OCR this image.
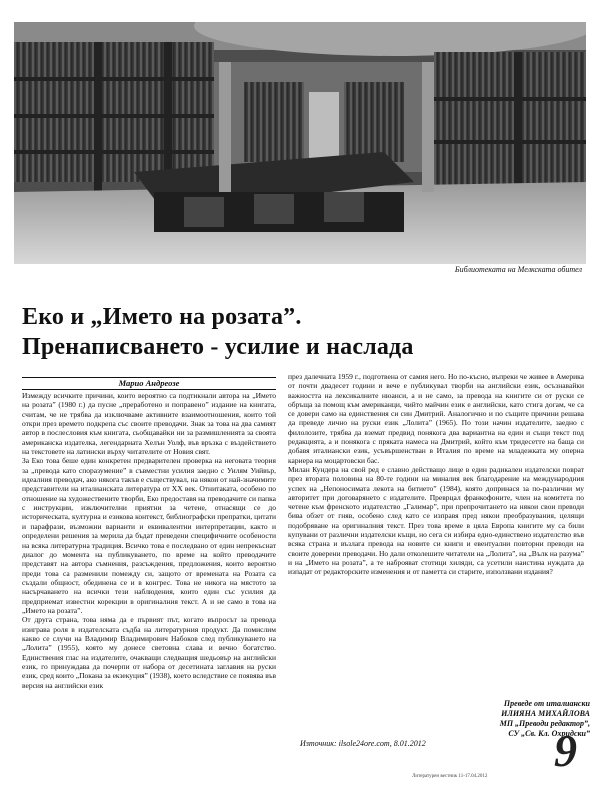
Библиотеката на Мелкската обител
Еко и „Името на розата”.
Пренаписването - усилие и наслада
Марио Андреозе

Измежду всичките причини, които вероятно са подтикнали автора на „Името на розата” (1980 г.) да пусне „преработено и поправено” издание на книгата, считам, че не трябва да изключваме активните взаимоотношения, които той откри през времето подкрепа със своите преводачи. Знак за това на два самият автор в послесловия към книгата, сьобщавайки ни за размишленията за своята американска издателка, легендарната Хелън Уолф, във връзка с въздействието на текстовете на латински върху читателите от Новия свят.

За Еко това беше един конкретен предварителен проверка на неговата теория за „превода като споразумение” в съвместни усилия заедно с Уилям Уийвър, идеалния преводач, ако някога такъв е съществувал, на някои от най-значимите представители на италианската литература от XX век. Отнитаката, особено по отношение на художествените творби, Еко предоставя на преводачите си папка с инструкции, изключителни приятни за четене, отнасящи се до историческата, културна и езикова контекст, библиографски препратки, цитати и парафрази, възможни варианти и еквивалентни интерпретации, както и определени решения за мерила да бъдат преведени специфичните особености на всяка литературна традиция. Всичко това е последвано от един непрекъснат диалог до момента на публикуването, по време на който преводачите представят на автора съмнения, разсъждения, предложения, които вероятно преди това са разменили помежду си, защото от времената на Розата са създали общност, обединена се и в конгрес. Това не никога на мястото за насърчаването на всички тези наблюдения, които един със усилия да предприемат известни корекции в оригиналния текст. А и не само в това на „Името на розата”.

От друга страна, това няма да е първият път, когато въпросът за превода изиграва роля в издателската съдба на литературния продукт. Да помислим какво се случи на Владимир Владимирович Набоков след публикуването на „Лолита” (1955), която му донесе световна слава и вечно богатство. Единствения глас на издателите, очакващи следващия шедьовър на английски език, го принуждава да почерпи от набора от десетината заглавия на руски език, сред които „Покана за екзекуция” (1938), което вследствие се появява във версия на английски език

през далечната 1959 г., подготвена от самия него. Но по-късно, въпреки че живее в Америка от почти двадесет години и вече е публикувал творби на английски език, осъзнавайки важността на лексикалните нюанси, а и не само, за превода на книгите си от руски се обръща за помощ към американци, чийто майчин език е английски, като стига догам, че са се довери само на единствения си син Дмитрий. Аналогично и по същите причини решава да преведе лично на руски език „Лолита” (1965). По този начин издателите, заедно с филолозите, трябва да вземат предвид понякога два вариантна на един и същи текст под редакцията, а и понякога с пряката намеса на Дмитрий, който към тридесетте на баща си добавя италиански език, усъвършенстван в Италия по време на младежката му оперна кариера на моцартовски бас.

Милан Кундера на свой ред е славно действащо лице в един радикален издателски поврат през втората половина на 80-те години на миналия век благодарение на международния успех на „Непоносимата лекота на битието” (1984), която допринася за по-различни му авторитет при договарянето с издателите. Преврцал франкофоните, член на комитета по четене към френското издателство „Галимар”, при препрочитането на някои свои преводи бива обзет от гняв, особено след като се изправя пред някои преобразувания, целящи подобряване на оригиналния текст. През това време в цяла Европа книгите му са били купувани от различни издателски къщи, но сега си избира едно-единствено издателство във всяка страна и възлага превода на новите си книги и евентуални повторни преводи на своите доверени преводачи. Но дали отколешите читатели на „Лолита”, на „Вълк на разума” и на „Името на розата”, а те наброяват стотици хиляди, са усетили наистина нуждата да изпадат от редакторските изменения и от паметта си старите, използвани издания?

Преведе от италиански
ИЛИЯНА МИХАЙЛОВА
МП „Преводи редактор”,
СУ „Св. Кл. Охридски”
Източник: ilsole24ore.com, 8.01.2012	9
Литературен вестник 11-17.04.2012
